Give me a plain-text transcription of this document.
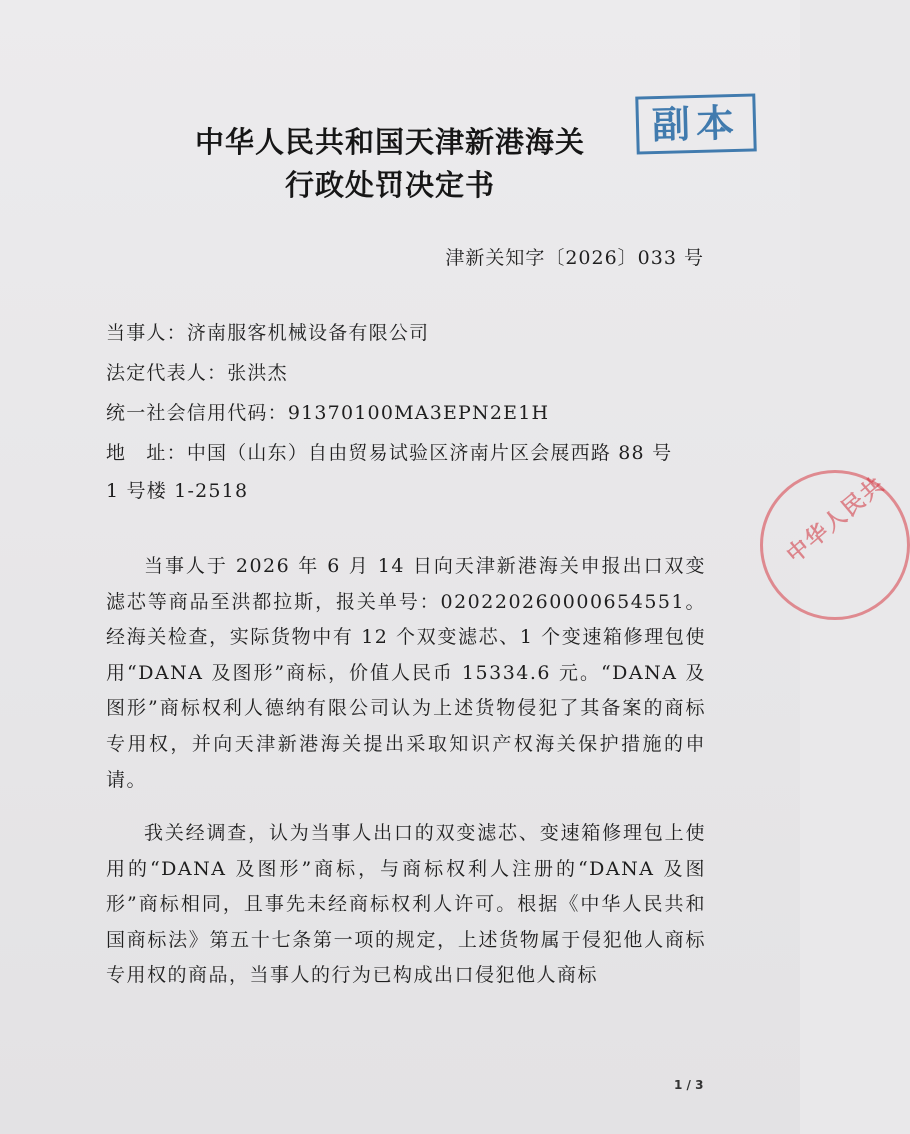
副本
中华人民共和国天津新港海关
行政处罚决定书
津新关知字〔2026〕033 号
当事人：济南服客机械设备有限公司
法定代表人：张洪杰
统一社会信用代码：91370100MA3EPN2E1H
地　址：中国（山东）自由贸易试验区济南片区会展西路 88 号
1 号楼 1-2518

当事人于 2026 年 6 月 14 日向天津新港海关申报出口双变滤芯等商品至洪都拉斯，报关单号：020220260000654551。经海关检查，实际货物中有 12 个双变滤芯、1 个变速箱修理包使用“DANA 及图形”商标，价值人民币 15334.6 元。“DANA 及图形”商标权利人德纳有限公司认为上述货物侵犯了其备案的商标专用权，并向天津新港海关提出采取知识产权海关保护措施的申请。

我关经调查，认为当事人出口的双变滤芯、变速箱修理包上使用的“DANA 及图形”商标，与商标权利人注册的“DANA 及图形”商标相同，且事先未经商标权利人许可。根据《中华人民共和国商标法》第五十七条第一项的规定，上述货物属于侵犯他人商标专用权的商品，当事人的行为已构成出口侵犯他人商标

中华人民共
1 / 3
